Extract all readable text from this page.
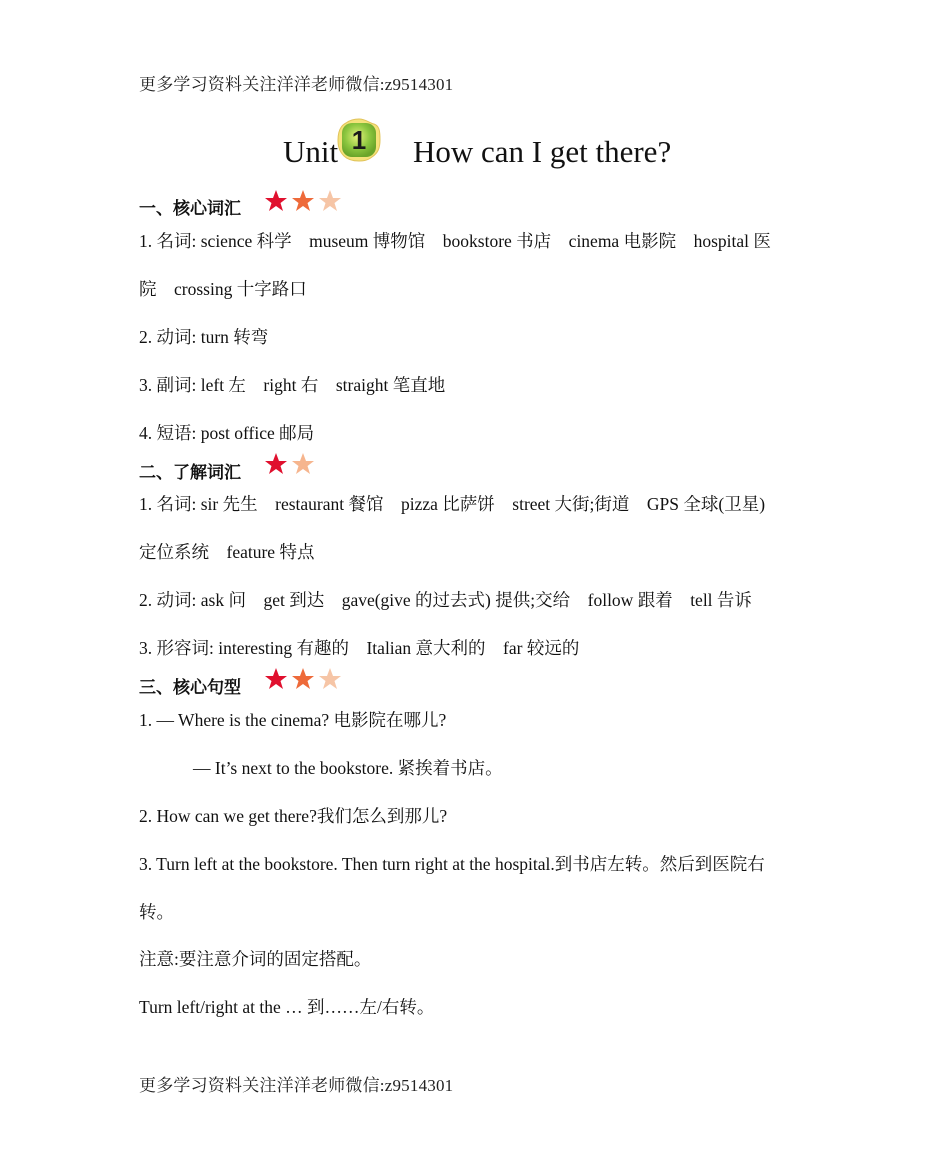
更多学习资料关注洋洋老师微信:z9514301
Unit 1 How can I get there?
一、核心词汇
1. 名词: science 科学　museum 博物馆　bookstore 书店　cinema 电影院　hospital 医
院　crossing 十字路口
2. 动词: turn 转弯
3. 副词: left 左　right 右　straight 笔直地
4. 短语: post office 邮局
二、了解词汇
1. 名词: sir 先生　restaurant 餐馆　pizza 比萨饼　street 大街;街道　GPS 全球(卫星)
定位系统　feature 特点
2. 动词: ask 问　get 到达　gave(give 的过去式) 提供;交给　follow 跟着　tell 告诉
3. 形容词: interesting 有趣的　Italian 意大利的　far 较远的
三、核心句型
1. — Where is the cinema? 电影院在哪儿?
— It’s next to the bookstore. 紧挨着书店。
2. How can we get there?我们怎么到那儿?
3. Turn left at the bookstore. Then turn right at the hospital.到书店左转。然后到医院右
转。
注意:要注意介词的固定搭配。
Turn left/right at the … 到……左/右转。
更多学习资料关注洋洋老师微信:z9514301
